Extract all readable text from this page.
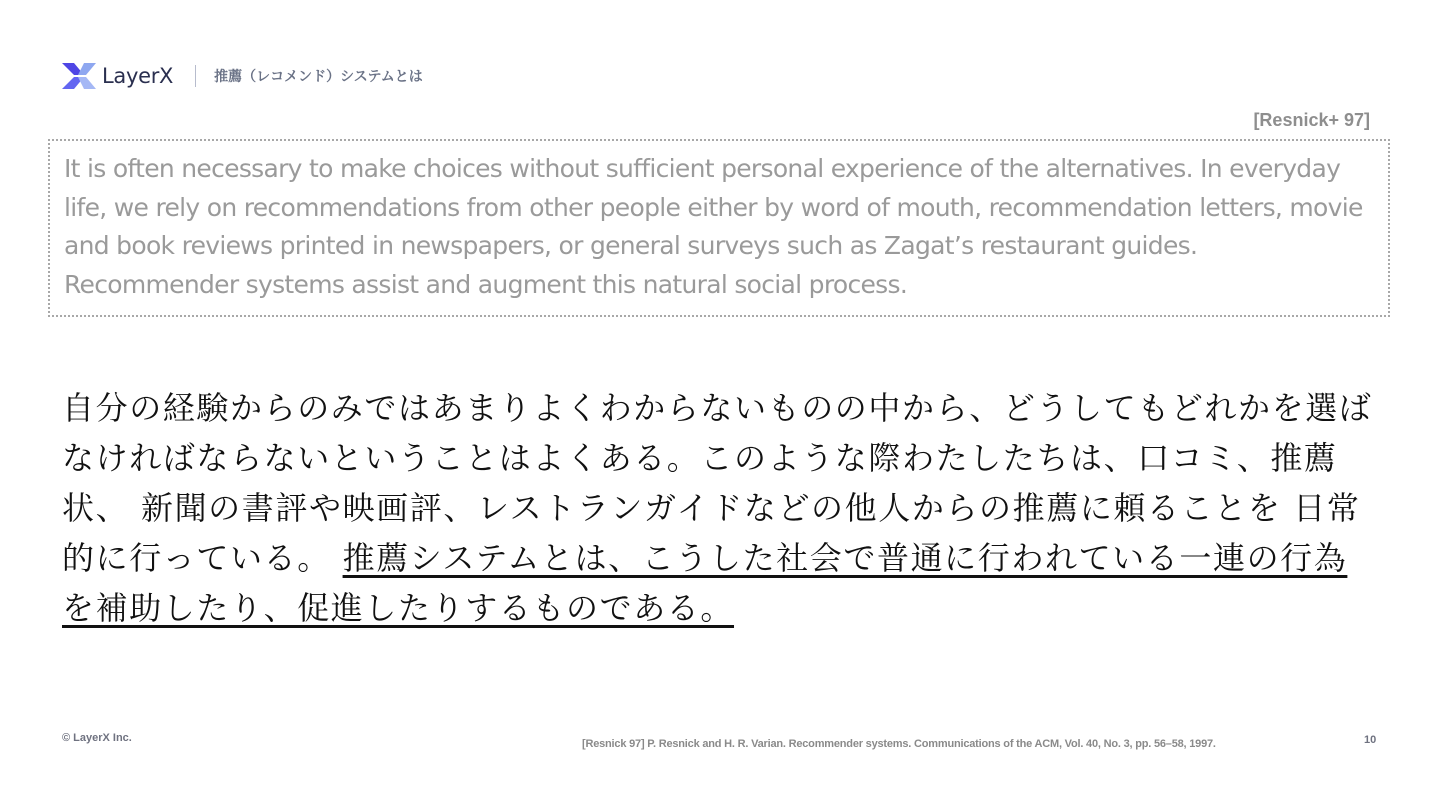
LayerX	推薦（レコメンド）システムとは
[Resnick+ 97]
It is often necessary to make choices without sufficient personal experience of the alternatives. In everyday life, we rely on recommendations from other people either by word of mouth, recommendation letters, movie and book reviews printed in newspapers, or general surveys such as Zagat’s restaurant guides. Recommender systems assist and augment this natural social process.
自分の経験からのみではあまりよくわからないものの中から、どうしてもどれかを選ばなければならないということはよくある。このような際わたしたちは、口コミ、推薦状、 新聞の書評や映画評、レストランガイドなどの他人からの推薦に頼ることを 日常的に行っている。 推薦システムとは、こうした社会で普通に行われている一連の行為を補助したり、促進したりするものである。
© LayerX Inc.	[Resnick 97] P. Resnick and H. R. Varian. Recommender systems. Communications of the ACM, Vol. 40, No. 3, pp. 56–58, 1997.	10
